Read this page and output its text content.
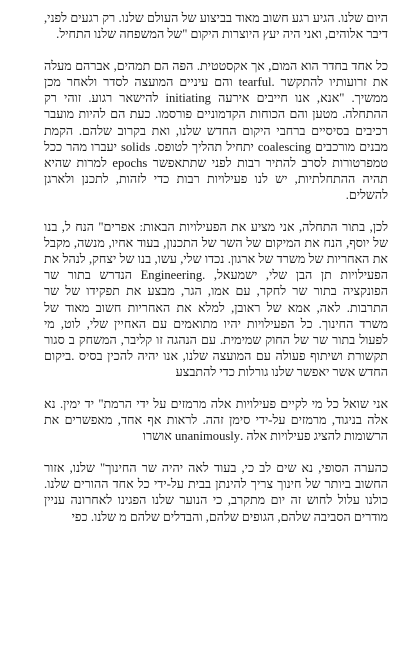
היום שלנו. הגיע רגע חשוב מאוד בביצוע של העולם שלנו. רק רגעים לפני, דיבר אלוהים, ואני היה יעץ היוצרות היקום "של המשפחה שלנו התחיל.

כל אחד בחדר הוא המום, אך אקסטטית. הפה הם תמהים, אברהם מעלה את זרועותיו להתקשר .tearful והם עיניים המועצה לסדר ולאחר מכן ממשיך. "אנא, אנו חייבים אירעה initiating להישאר רגוע. זוהי רק ההתחלה. מטען והם הכוחות הקדמוניים פורסמו. כעת הם להיות מועבר רכיבים בסיסיים ברחבי היקום החדש שלנו, ואת בקרוב שלהם. הקמת מבנים מורכבים coalescing יתחיל תהליך לטופס. solids יעברו מהר ככל טמפרטורות לסרב להתיר רבות לפני שתתאפשר epochs למרות שהיא תהיה ההתחלתיות, יש לנו פעילויות רבות כדי לזהות, לתכנן ולארגן להשלים.

לכן, בתור התחלה, אני מציע את הפעילויות הבאות: אפרים" הנח ל, בנו של יוסף, הנח את המיקום של השר של התכנון, בעוד אחיו, מנשה, מקבל את האחריות של משרד של ארגון. נכדו שלי, עשו, בנו של יצחק, לנהל את הפעילויות תן הבן שלי, ישמעאל, .Engineering הנדרש בתור שר הפונקציה בתור שר לחקר, עם אמו, הגר, מבצע את תפקידו של שר התרבות. לאה, אמא של ראובן, למלא את האחריות חשוב מאוד של משרד החינוך. כל הפעילויות יהיו מתואמים עם האחיין שלי, לוט, מי לפעול בתור שר של החוק שמימית. עם הנהגה זו קליבר, המשחק ב סגור תקשורת ושיתוף פעולה עם המועצה שלנו, אנו יהיה להכין בסיס .ביקום החדש אשר יאפשר שלנו גורלות כדי להתבצע

אני שואל כל מי לקיים פעילויות אלה מרמזים על ידי הרמת" יד ימין. נא אלה בניגוד, מרמזים על-ידי סימן זהה. לראות אף אחד, מאפשרים את הרשומות להציג פעילויות אלה .unanimously אושרו

כהערה הסופי, נא שים לב כי, בעוד לאה יהיה שר החינוך" שלנו, אזור החשוב ביותר של חינוך צריך להינתן בבית על-ידי כל אחד ההורים שלנו. כולנו עלול לחוש זה יום מתקרב, כי הנוער שלנו הפגינו לאחרונה עניין מודרים הסביבה שלהם, הגופים שלהם, והבדלים שלהם מ שלנו. כפי
